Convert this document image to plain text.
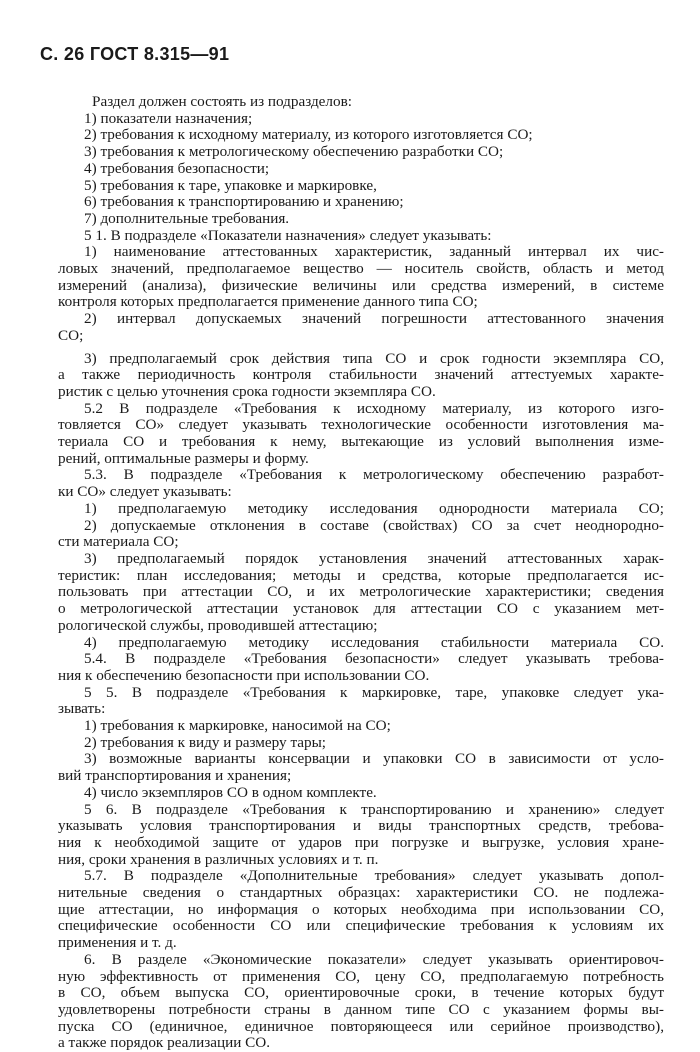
С. 26 ГОСТ 8.315—91
Раздел должен состоять из подразделов:
1) показатели назначения;
2) требования к исходному материалу, из которого изготовляется СО;
3) требования к метрологическому обеспечению разработки СО;
4) требования безопасности;
5) требования к таре, упаковке и маркировке,
6) требования к транспортированию и хранению;
7) дополнительные требования.
5 1. В подразделе «Показатели назначения» следует указывать:
1) наименование аттестованных характеристик, заданный интервал их чис-
ловых значений, предполагаемое вещество — носитель свойств, область и метод
измерений (анализа), физические величины или средства измерений, в системе
контроля которых предполагается применение данного типа СО;
2) интервал допускаемых значений погрешности аттестованного значения
СО;
3) предполагаемый срок действия типа СО и срок годности экземпляра СО,
а также периодичность контроля стабильности значений аттестуемых характе-
ристик с целью уточнения срока годности экземпляра СО.
5.2 В подразделе «Требования к исходному материалу, из которого изго-
товляется СО» следует указывать технологические особенности изготовления ма-
териала СО и требования к нему, вытекающие из условий выполнения изме-
рений, оптимальные размеры и форму.
5.3. В подразделе «Требования к метрологическому обеспечению разработ-
ки СО» следует указывать:
1) предполагаемую методику исследования однородности материала СО;
2) допускаемые отклонения в составе (свойствах) СО за счет неоднородно-
сти материала СО;
3) предполагаемый порядок установления значений аттестованных харак-
теристик: план исследования; методы и средства, которые предполагается ис-
пользовать при аттестации СО, и их метрологические характеристики; сведения
о метрологической аттестации установок для аттестации СО с указанием мет-
рологической службы, проводившей аттестацию;
4) предполагаемую методику исследования стабильности материала СО.
5.4. В подразделе «Требования безопасности» следует указывать требова-
ния к обеспечению безопасности при использовании СО.
5 5. В подразделе «Требования к маркировке, таре, упаковке следует ука-
зывать:
1) требования к маркировке, наносимой на СО;
2) требования к виду и размеру тары;
3) возможные варианты консервации и упаковки СО в зависимости от усло-
вий транспортирования и хранения;
4) число экземпляров СО в одном комплекте.
5 6. В подразделе «Требования к транспортированию и хранению» следует
указывать условия транспортирования и виды транспортных средств, требова-
ния к необходимой защите от ударов при погрузке и выгрузке, условия хране-
ния, сроки хранения в различных условиях и т. п.
5.7. В подразделе «Дополнительные требования» следует указывать допол-
нительные сведения о стандартных образцах: характеристики СО. не подлежа-
щие аттестации, но информация о которых необходима при использовании СО,
специфические особенности СО или специфические требования к условиям их
применения и т. д.
6. В разделе «Экономические показатели» следует указывать ориентировоч-
ную эффективность от применения СО, цену СО, предполагаемую потребность
в СО, объем выпуска СО, ориентировочные сроки, в течение которых будут
удовлетворены потребности страны в данном типе СО с указанием формы вы-
пуска СО (единичное, единичное повторяющееся или серийное производство),
а также порядок реализации СО.
